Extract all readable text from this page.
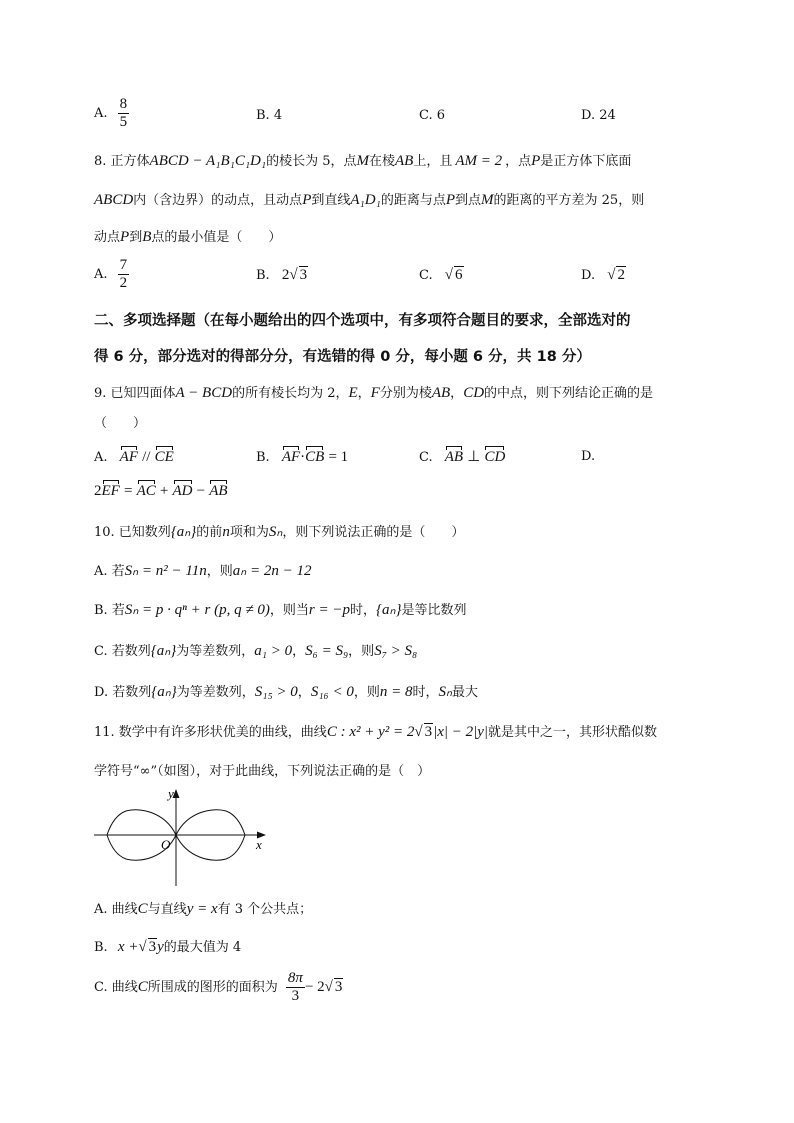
A. $\frac{8}{5}$	B. 4	C. 6	D. 24
8. 正方体ABCD − A₁B₁C₁D₁的棱长为 5，点M在棱AB上，且 AM = 2 ，点P是正方体下底面
ABCD内（含边界）的动点，且动点P到直线A₁D₁的距离与点P到点M的距离的平方差为 25，则
动点P到B点的最小值是（　　）
A. $\frac{7}{2}$	B. 2√ 3	C. √ 6	D. √ 2
二、多项选择题（在每小题给出的四个选项中，有多项符合题目的要求，全部选对的
得 6 分，部分选对的得部分分，有选错的得 0 分，每小题 6 分，共 18 分）
9. 已知四面体A − BCD的所有棱长均为 2，E，F分别为棱AB，CD的中点，则下列结论正确的是
（　　）
A. AF // CE	B. AF·CB = 1	C. AB ⊥ CD	D.
2EF = AC + AD − AB
10. 已知数列{aₙ}的前n项和为Sₙ，则下列说法正确的是（　　）
A. 若Sₙ = n² − 11n，则aₙ = 2n − 12
B. 若Sₙ = p · qⁿ + r (p, q ≠ 0)，则当r = −p时，{aₙ}是等比数列
C. 若数列{aₙ}为等差数列，a₁ > 0，S₆ = S₉，则S₇ > S₈
D. 若数列{aₙ}为等差数列，S₁₅ > 0，S₁₆ < 0，则n = 8时，Sₙ最大
11. 数学中有许多形状优美的曲线，曲线C : x² + y² = 2√ 3|x| − 2|y|就是其中之一，其形状酷似数
学符号“∞”（如图），对于此曲线，下列说法正确的是（　）
x
y
O
A. 曲线C与直线y = x有 3 个公共点；
B. x +√ 3y的最大值为 4
C. 曲线C所围成的图形的面积为 $\frac{8\pi}{3} - 2√$ 3
